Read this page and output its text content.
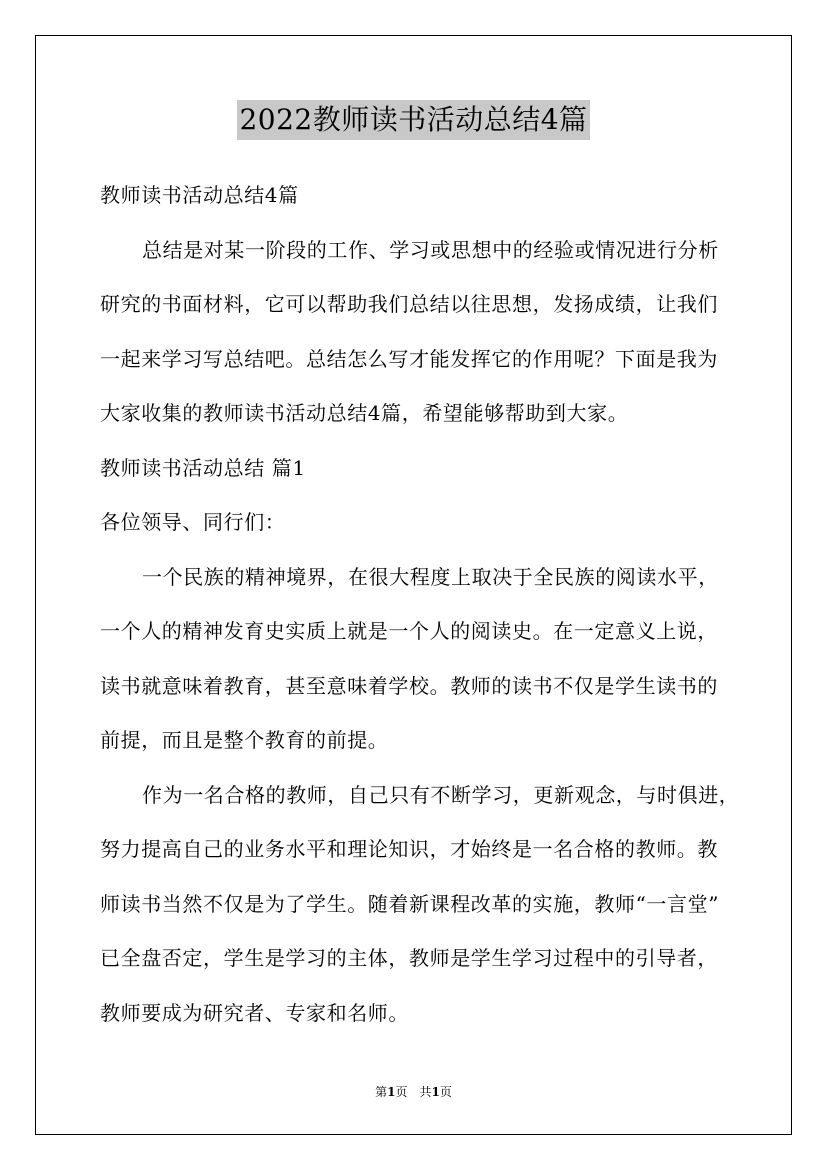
2022教师读书活动总结4篇
教师读书活动总结4篇
总结是对某一阶段的工作、学习或思想中的经验或情况进行分析
研究的书面材料，它可以帮助我们总结以往思想，发扬成绩，让我们
一起来学习写总结吧。总结怎么写才能发挥它的作用呢？下面是我为
大家收集的教师读书活动总结4篇，希望能够帮助到大家。
教师读书活动总结 篇1
各位领导、同行们：
一个民族的精神境界，在很大程度上取决于全民族的阅读水平，
一个人的精神发育史实质上就是一个人的阅读史。在一定意义上说，
读书就意味着教育，甚至意味着学校。教师的读书不仅是学生读书的
前提，而且是整个教育的前提。
作为一名合格的教师，自己只有不断学习，更新观念，与时俱进，
努力提高自己的业务水平和理论知识，才始终是一名合格的教师。教
师读书当然不仅是为了学生。随着新课程改革的实施，教师“一言堂”
已全盘否定，学生是学习的主体，教师是学生学习过程中的引导者，
教师要成为研究者、专家和名师。
第1页　共1页
